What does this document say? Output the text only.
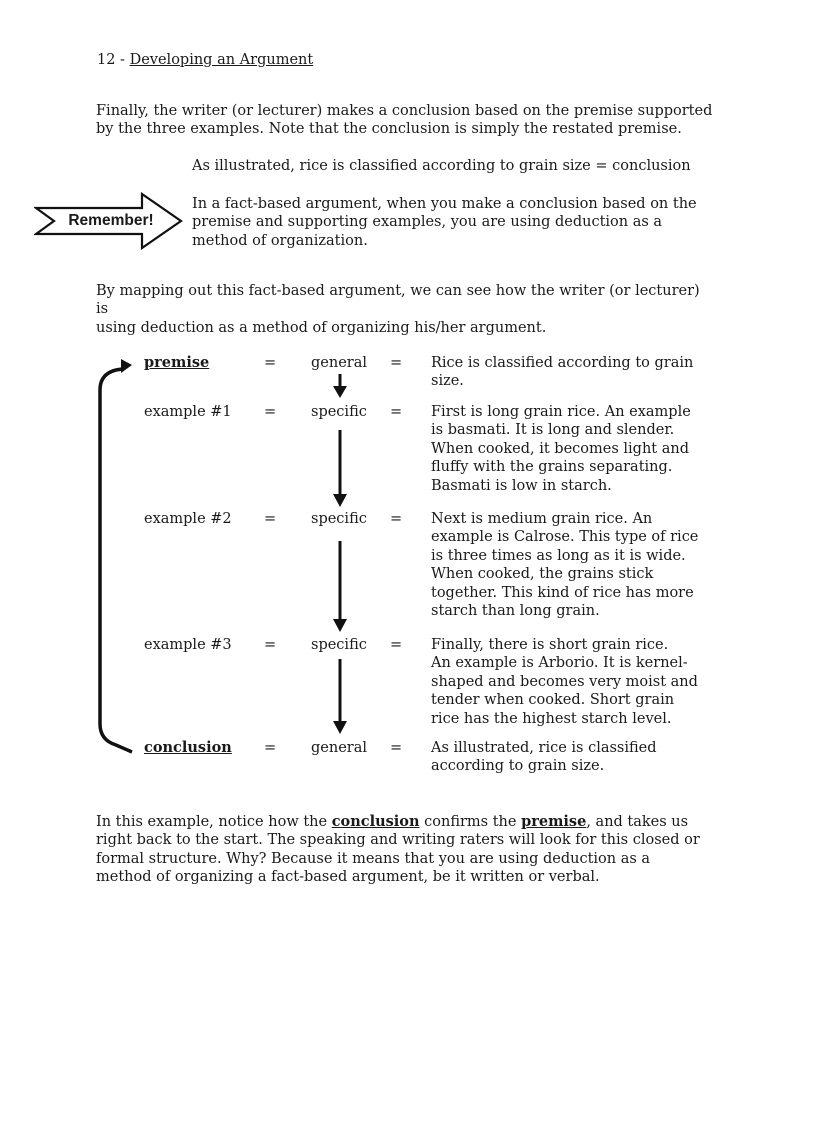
12 - Developing an Argument
Finally, the writer (or lecturer) makes a conclusion based on the premise supported
by the three examples. Note that the conclusion is simply the restated premise.
As illustrated, rice is classified according to grain size = conclusion
Remember!
In a fact-based argument, when you make a conclusion based on the
premise and supporting examples, you are using deduction as a
method of organization.
By mapping out this fact-based argument, we can see how the writer (or lecturer) is
using deduction as a method of organizing his/her argument.
premise	= general = Rice is classified according to grain
size.
example #1 = specific = First is long grain rice. An example
is basmati. It is long and slender.
When cooked, it becomes light and
fluffy with the grains separating.
Basmati is low in starch.
example #2 = specific = Next is medium grain rice. An
example is Calrose. This type of rice
is three times as long as it is wide.
When cooked, the grains stick
together. This kind of rice has more
starch than long grain.
example #3 = specific = Finally, there is short grain rice.
An example is Arborio. It is kernel-
shaped and becomes very moist and
tender when cooked. Short grain
rice has the highest starch level.
conclusion = general = As illustrated, rice is classified
according to grain size.
In this example, notice how the conclusion confirms the premise, and takes us
right back to the start. The speaking and writing raters will look for this closed or
formal structure. Why? Because it means that you are using deduction as a
method of organizing a fact-based argument, be it written or verbal.
